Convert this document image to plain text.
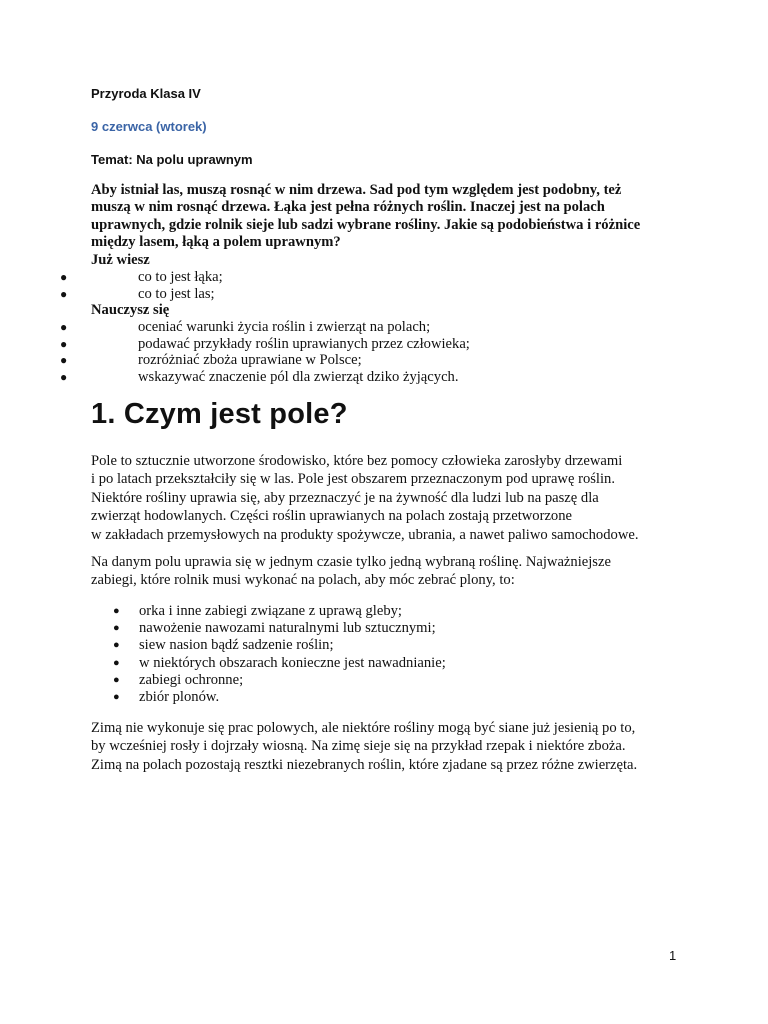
Przyroda Klasa IV
9 czerwca (wtorek)
Temat: Na polu uprawnym
Aby istniał las, muszą rosnąć w nim drzewa. Sad pod tym względem jest podobny, też
muszą w nim rosnąć drzewa. Łąka jest pełna różnych roślin. Inaczej jest na polach
uprawnych, gdzie rolnik sieje lub sadzi wybrane rośliny. Jakie są podobieństwa i różnice
między lasem, łąką a polem uprawnym?
Już wiesz
●	co to jest łąka;
●	co to jest las;
Nauczysz się
●	oceniać warunki życia roślin i zwierząt na polach;
●	podawać przykłady roślin uprawianych przez człowieka;
●	rozróżniać zboża uprawiane w Polsce;
●	wskazywać znaczenie pól dla zwierząt dziko żyjących.
1. Czym jest pole?
Pole to sztucznie utworzone środowisko, które bez pomocy człowieka zarosłyby drzewami
i po latach przekształciły się w las. Pole jest obszarem przeznaczonym pod uprawę roślin.
Niektóre rośliny uprawia się, aby przeznaczyć je na żywność dla ludzi lub na paszę dla
zwierząt hodowlanych. Części roślin uprawianych na polach zostają przetworzone
w zakładach przemysłowych na produkty spożywcze, ubrania, a nawet paliwo samochodowe.
Na danym polu uprawia się w jednym czasie tylko jedną wybraną roślinę. Najważniejsze
zabiegi, które rolnik musi wykonać na polach, aby móc zebrać plony, to:
● orka i inne zabiegi związane z uprawą gleby;
● nawożenie nawozami naturalnymi lub sztucznymi;
● siew nasion bądź sadzenie roślin;
● w niektórych obszarach konieczne jest nawadnianie;
● zabiegi ochronne;
● zbiór plonów.
Zimą nie wykonuje się prac polowych, ale niektóre rośliny mogą być siane już jesienią po to,
by wcześniej rosły i dojrzały wiosną. Na zimę sieje się na przykład rzepak i niektóre zboża.
Zimą na polach pozostają resztki niezebranych roślin, które zjadane są przez różne zwierzęta.
1
